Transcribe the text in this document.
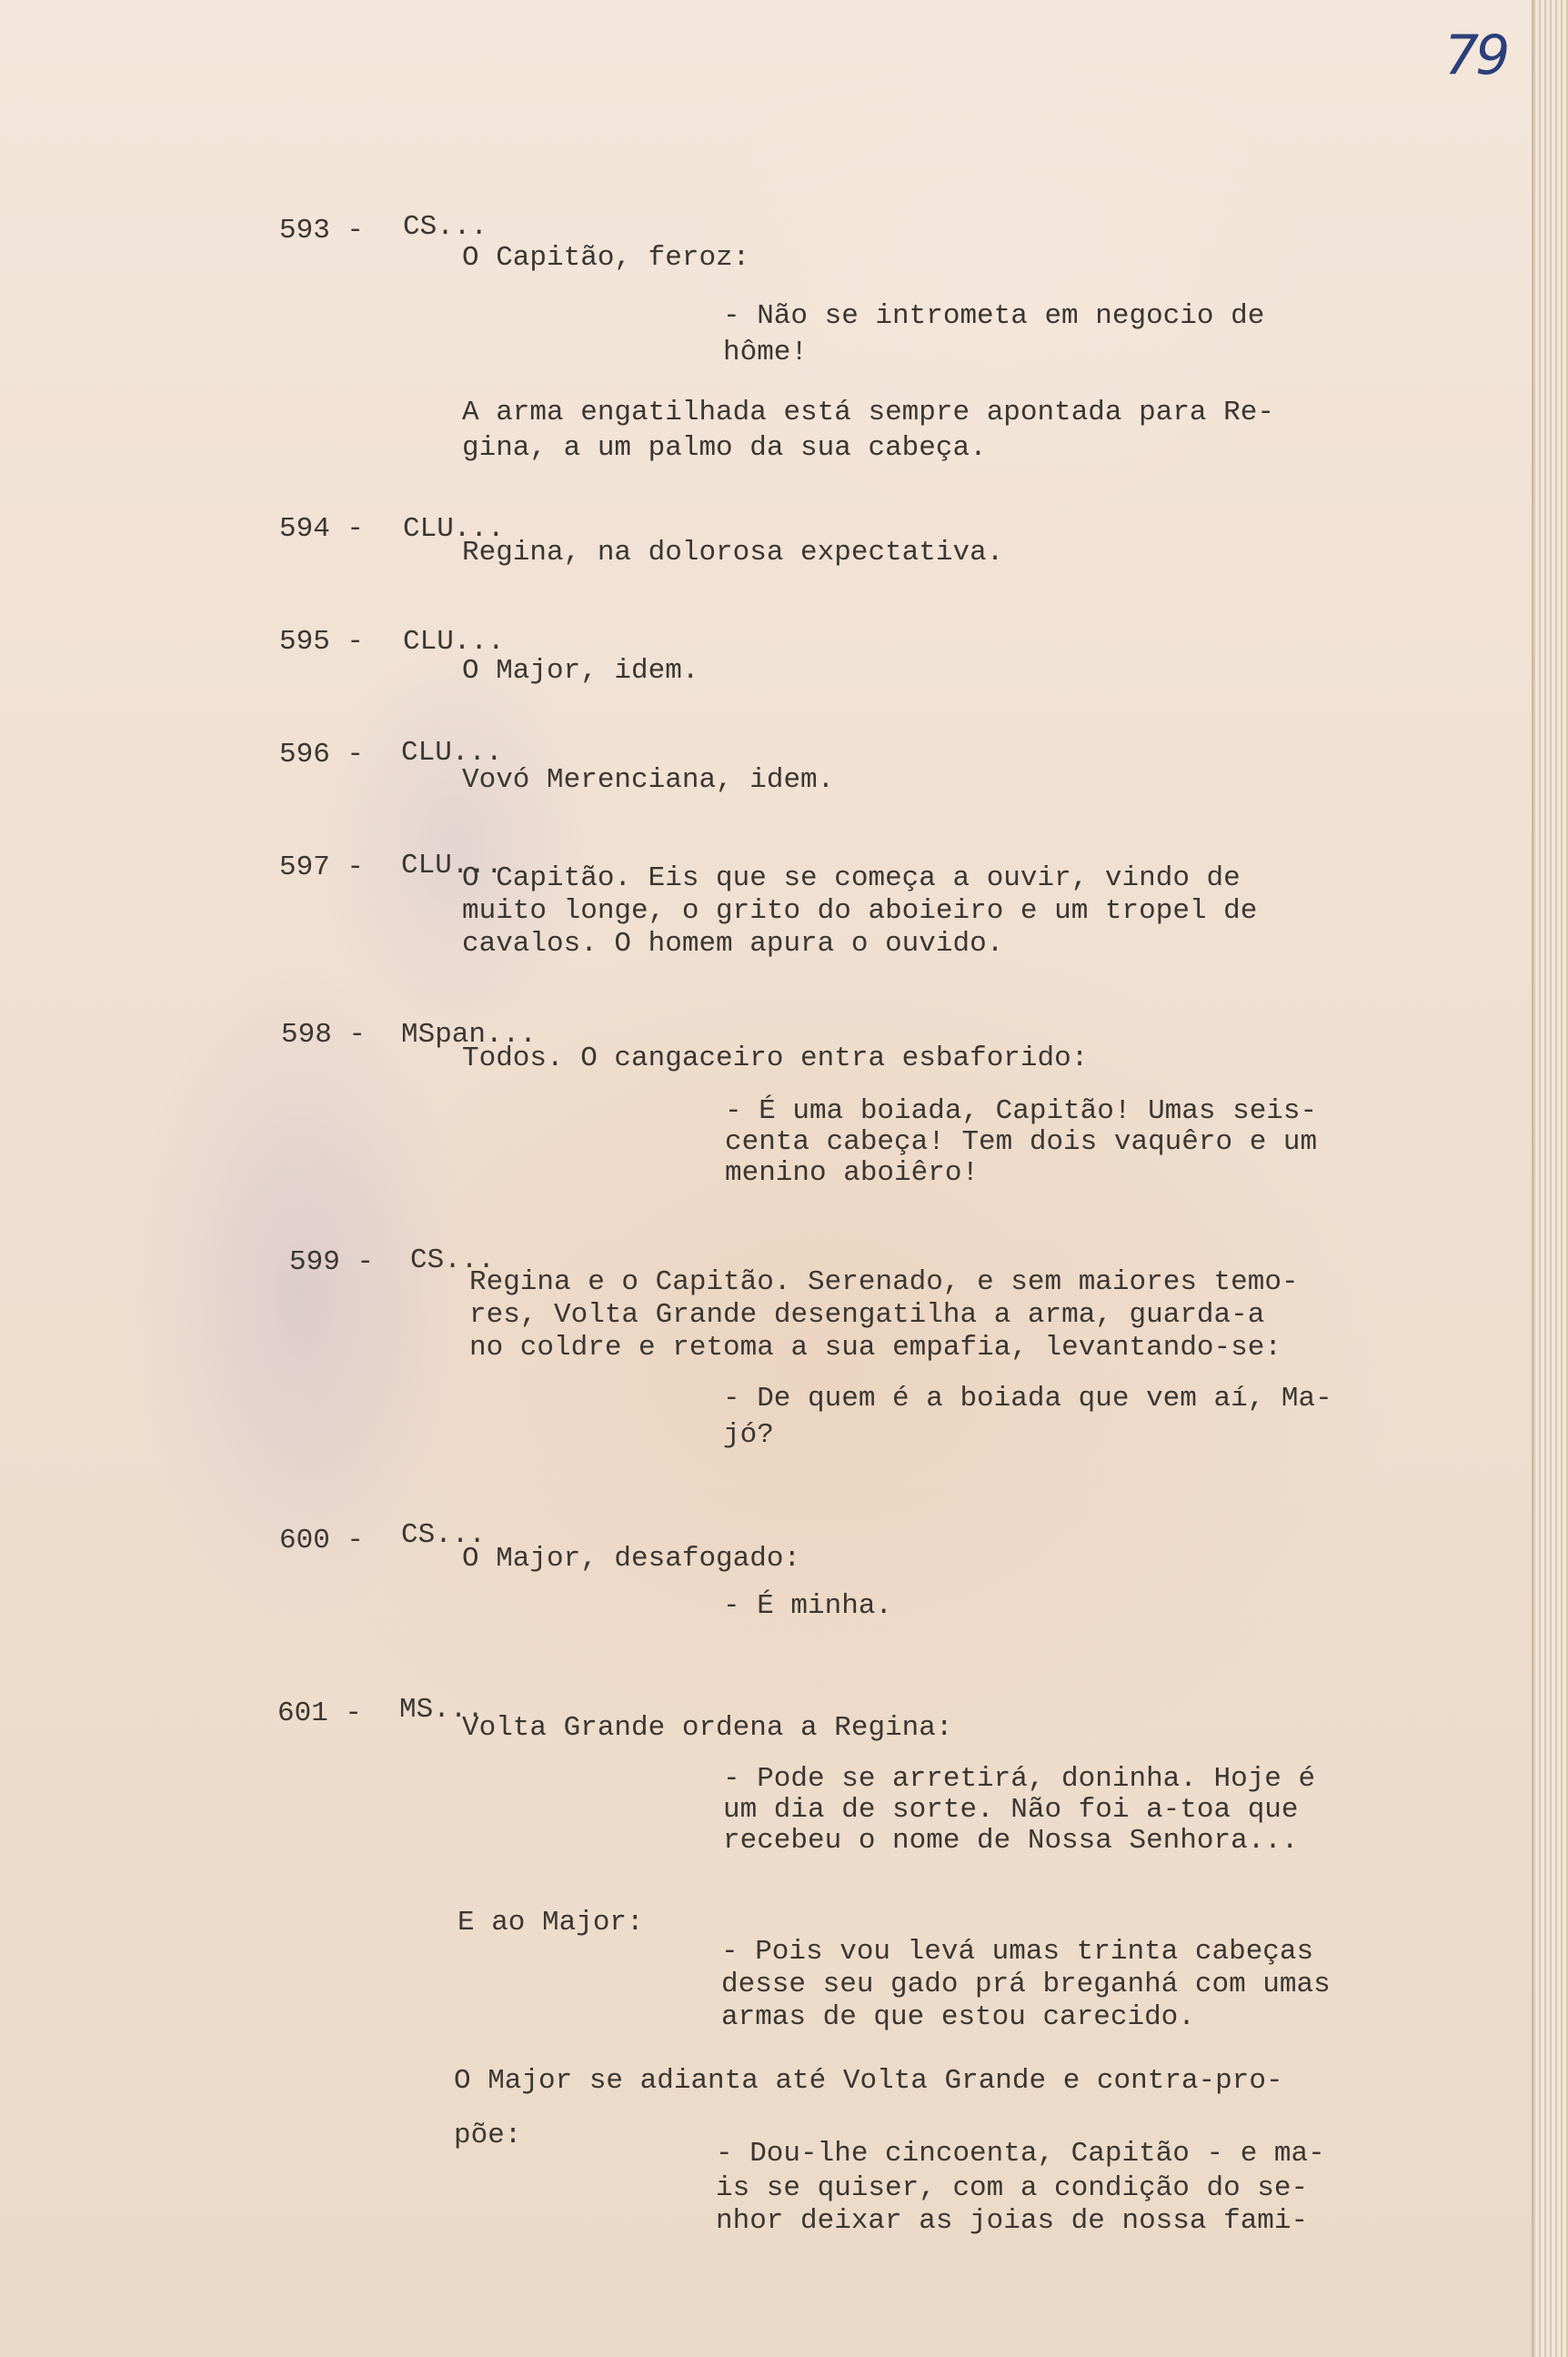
79

593 -

CS...

O Capitão, feroz:

- Não se intrometa em negocio de

hôme!

A arma engatilhada está sempre apontada para Re-

gina, a um palmo da sua cabeça.

594 -

CLU...

Regina, na dolorosa expectativa.

595 -

CLU...

O Major, idem.

596 -

CLU...

Vovó Merenciana, idem.

597 -

CLU...

O Capitão. Eis que se começa a ouvir, vindo de

muito longe, o grito do aboieiro e um tropel de

cavalos. O homem apura o ouvido.

598 -

MSpan...

Todos. O cangaceiro entra esbaforido:

- É uma boiada, Capitão! Umas seis-

centa cabeça! Tem dois vaquêro e um

menino aboiêro!

599 -

CS...

Regina e o Capitão. Serenado, e sem maiores temo-

res, Volta Grande desengatilha a arma, guarda-a

no coldre e retoma a sua empafia, levantando-se:

- De quem é a boiada que vem aí, Ma-

jó?

600 -

CS...

O Major, desafogado:

- É minha.

601 -

MS...

Volta Grande ordena a Regina:

- Pode se arretirá, doninha. Hoje é

um dia de sorte. Não foi a-toa que

recebeu o nome de Nossa Senhora...

E ao Major:

- Pois vou levá umas trinta cabeças

desse seu gado prá breganhá com umas

armas de que estou carecido.

O Major se adianta até Volta Grande e contra-pro-

põe:

- Dou-lhe cincoenta, Capitão - e ma-

is se quiser, com a condição do se-

nhor deixar as joias de nossa fami-
